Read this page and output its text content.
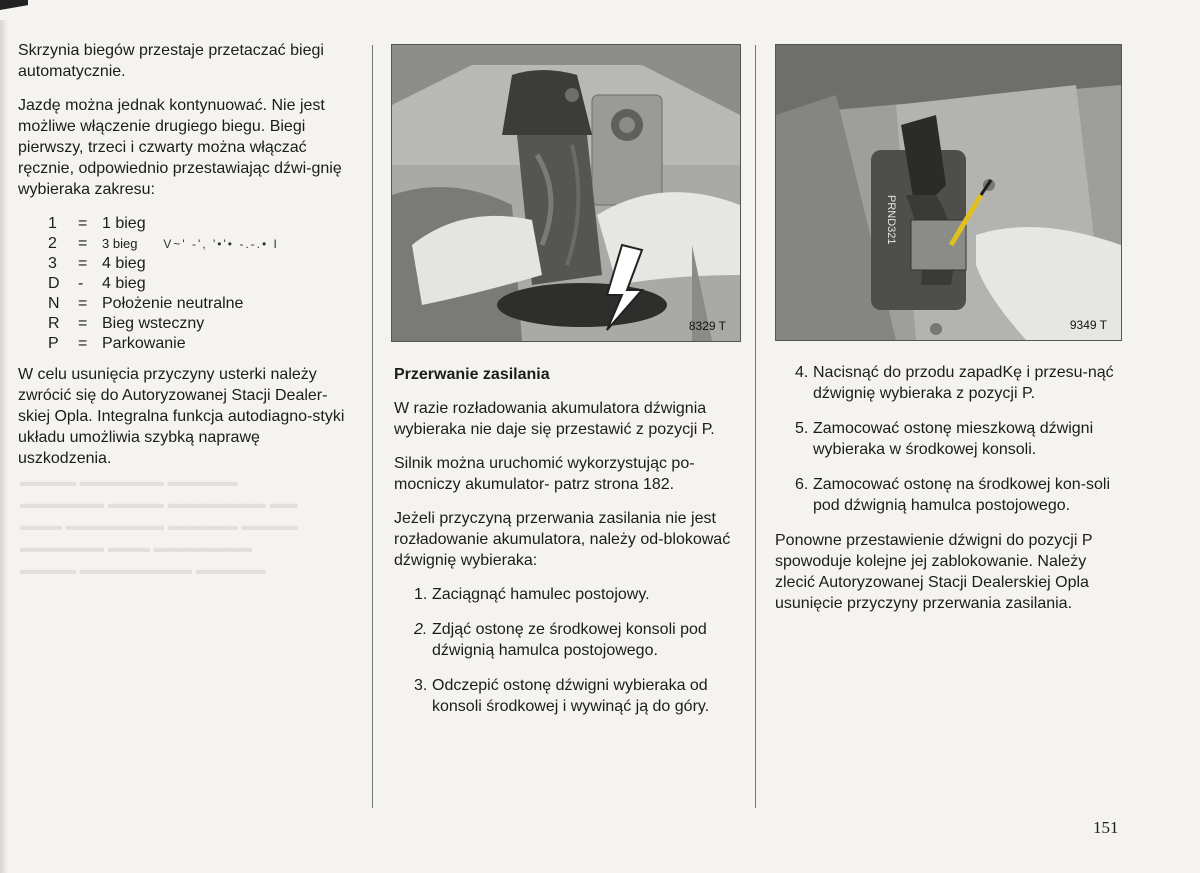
▬▬▬▬ ▬▬▬▬▬▬ ▬▬▬▬▬
▬▬▬▬▬▬ ▬▬▬▬ ▬▬▬▬▬▬▬ ▬▬
▬▬▬ ▬▬▬▬▬▬▬ ▬▬▬▬▬ ▬▬▬▬
▬▬▬▬▬▬ ▬▬▬ ▬▬▬▬▬▬▬
▬▬▬▬ ▬▬▬▬▬▬▬▬ ▬▬▬▬▬

Skrzynia biegów przestaje przetaczać biegi automatycznie.

Jazdę można jednak kontynuować. Nie jest możliwe włączenie drugiego biegu. Biegi pierwszy, trzeci i czwarty można włączać ręcznie, odpowiednio przestawiając dźwi-gnię wybieraka zakresu:

1	= 1 bieg
2	=	3 bieg V~' -', '•'• -.-.• I
3	= 4 bieg
D	-	4 bieg
N	= Położenie neutralne
R	= Bieg wsteczny
P	= Parkowanie

W celu usunięcia przyczyny usterki należy zwrócić się do Autoryzowanej Stacji Dealer-skiej Opla. Integralna funkcja autodiagno-styki układu umożliwia szybką naprawę uszkodzenia.

8329 T

Przerwanie zasilania

W razie rozładowania akumulatora dźwignia wybieraka nie daje się przestawić z pozycji P.

Silnik można uruchomić wykorzystując po-mocniczy akumulator- patrz strona 182.

Jeżeli przyczyną przerwania zasilania nie jest rozładowanie akumulatora, należy od-blokować dźwignię wybieraka:

1. Zaciągnąć hamulec postojowy.
2. Zdjąć ostonę ze środkowej konsoli pod dźwignią hamulca postojowego.
3. Odczepić ostonę dźwigni wybieraka od konsoli środkowej i wywinąć ją do góry.
PRND321
9349 T
4. Nacisnąć do przodu zapadKę i przesu-nąć dźwignię wybieraka z pozycji P.
5. Zamocować ostonę mieszkową dźwigni wybieraka w środkowej konsoli.
6. Zamocować ostonę na środkowej kon-soli pod dźwignią hamulca postojowego.

Ponowne przestawienie dźwigni do pozycji P spowoduje kolejne jej zablokowanie. Należy zlecić Autoryzowanej Stacji Dealerskiej Opla usunięcie przyczyny przerwania zasilania.

151
